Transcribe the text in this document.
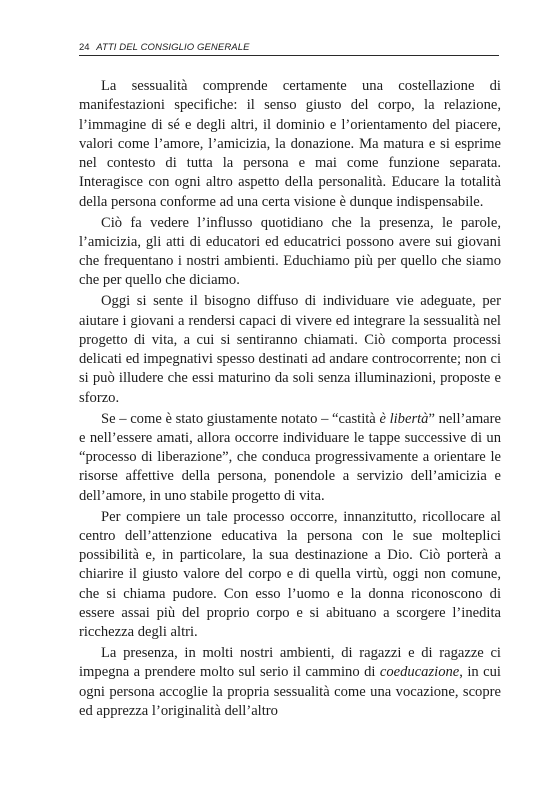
24 ATTI DEL CONSIGLIO GENERALE

La sessualità comprende certamente una costellazione di manifestazioni specifiche: il senso giusto del corpo, la relazione, l’immagine di sé e degli altri, il dominio e l’orientamento del piacere, valori come l’amore, l’amicizia, la donazione. Ma matura e si esprime nel contesto di tutta la persona e mai come funzione separata. Interagisce con ogni altro aspetto della personalità. Educare la totalità della persona conforme ad una certa visione è dunque indispensabile.

Ciò fa vedere l’influsso quotidiano che la presenza, le parole, l’amicizia, gli atti di educatori ed educatrici possono avere sui giovani che frequentano i nostri ambienti. Educhiamo più per quello che siamo che per quello che diciamo.

Oggi si sente il bisogno diffuso di individuare vie adeguate, per aiutare i giovani a rendersi capaci di vivere ed integrare la sessualità nel progetto di vita, a cui si sentiranno chiamati. Ciò comporta processi delicati ed impegnativi spesso destinati ad andare controcorrente; non ci si può illudere che essi maturino da soli senza illuminazioni, proposte e sforzo.

Se – come è stato giustamente notato – “castità è libertà” nell’amare e nell’essere amati, allora occorre individuare le tappe successive di un “processo di liberazione”, che conduca progressivamente a orientare le risorse affettive della persona, ponendole a servizio dell’amicizia e dell’amore, in uno stabile progetto di vita.

Per compiere un tale processo occorre, innanzitutto, ricollocare al centro dell’attenzione educativa la persona con le sue molteplici possibilità e, in particolare, la sua destinazione a Dio. Ciò porterà a chiarire il giusto valore del corpo e di quella virtù, oggi non comune, che si chiama pudore. Con esso l’uomo e la donna riconoscono di essere assai più del proprio corpo e si abituano a scorgere l’inedita ricchezza degli altri.

La presenza, in molti nostri ambienti, di ragazzi e di ragazze ci impegna a prendere molto sul serio il cammino di coeducazione, in cui ogni persona accoglie la propria sessualità come una vocazione, scopre ed apprezza l’originalità dell’altro
